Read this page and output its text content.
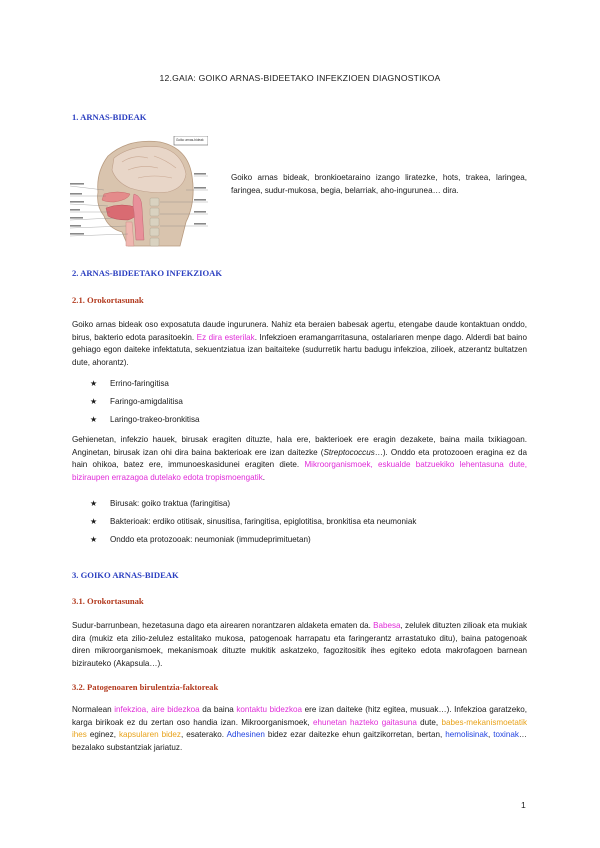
12.GAIA: GOIKO ARNAS-BIDEETAKO INFEKZIOEN DIAGNOSTIKOA
1. ARNAS-BIDEAK
Goiko arnas-bideak
Goiko arnas bideak, bronkioetaraino izango liratezke, hots, trakea, laringea, faringea, sudur-mukosa, begia, belarriak, aho-ingurunea… dira.
2. ARNAS-BIDEETAKO INFEKZIOAK
2.1. Orokortasunak
Goiko arnas bideak oso exposatuta daude ingurunera. Nahiz eta beraien babesak agertu, etengabe daude kontaktuan onddo, birus, bakterio edota parasitoekin. Ez dira esterilak. Infekzioen eramangarritasuna, ostalariaren menpe dago. Alderdi bat baino gehiago egon daiteke infektatuta, sekuentziatua izan baitaiteke (sudurretik hartu badugu infekzioa, zilioek, atzerantz bultatzen dute, ahorantz).
★ Errino-faringitisa
★ Faringo-amigdalitisa
★ Laringo-trakeo-bronkitisa
Gehienetan, infekzio hauek, birusak eragiten dituzte, hala ere, bakterioek ere eragin dezakete, baina maila txikiagoan. Anginetan, birusak izan ohi dira baina bakterioak ere izan daitezke (Streptococcus…). Onddo eta protozooen eragina ez da hain ohikoa, batez ere, immunoeskasidunei eragiten diete. Mikroorganismoek, eskualde batzuekiko lehentasuna dute, biziraupen errazagoa dutelako edota tropismoengatik.
★ Birusak: goiko traktua (faringitisa)
★ Bakterioak: erdiko otitisak, sinusitisa, faringitisa, epiglotitisa, bronkitisa eta neumoniak
★ Onddo eta protozooak: neumoniak (immudeprimituetan)
3. GOIKO ARNAS-BIDEAK
3.1. Orokortasunak
Sudur-barrunbean, hezetasuna dago eta airearen norantzaren aldaketa ematen da. Babesa, zelulek dituzten zilioak eta mukiak dira (mukiz eta zilio-zelulez estalitako mukosa, patogenoak harrapatu eta faringerantz arrastatuko ditu), baina patogenoak diren mikroorganismoek, mekanismoak dituzte mukitik askatzeko, fagozitositik ihes egiteko edota makrofagoen barnean bizirauteko (Akapsula…).
3.2. Patogenoaren birulentzia-faktoreak
Normalean infekzioa, aire bidezkoa da baina kontaktu bidezkoa ere izan daiteke (hitz egitea, musuak…). Infekzioa garatzeko, karga birikoak ez du zertan oso handia izan. Mikroorganismoek, ehunetan hazteko gaitasuna dute, babes-mekanismoetatik ihes eginez, kapsularen bidez, esaterako. Adhesinen bidez ezar daitezke ehun gaitzikorretan, bertan, hemolisinak, toxinak… bezalako substantziak jariatuz.
1
